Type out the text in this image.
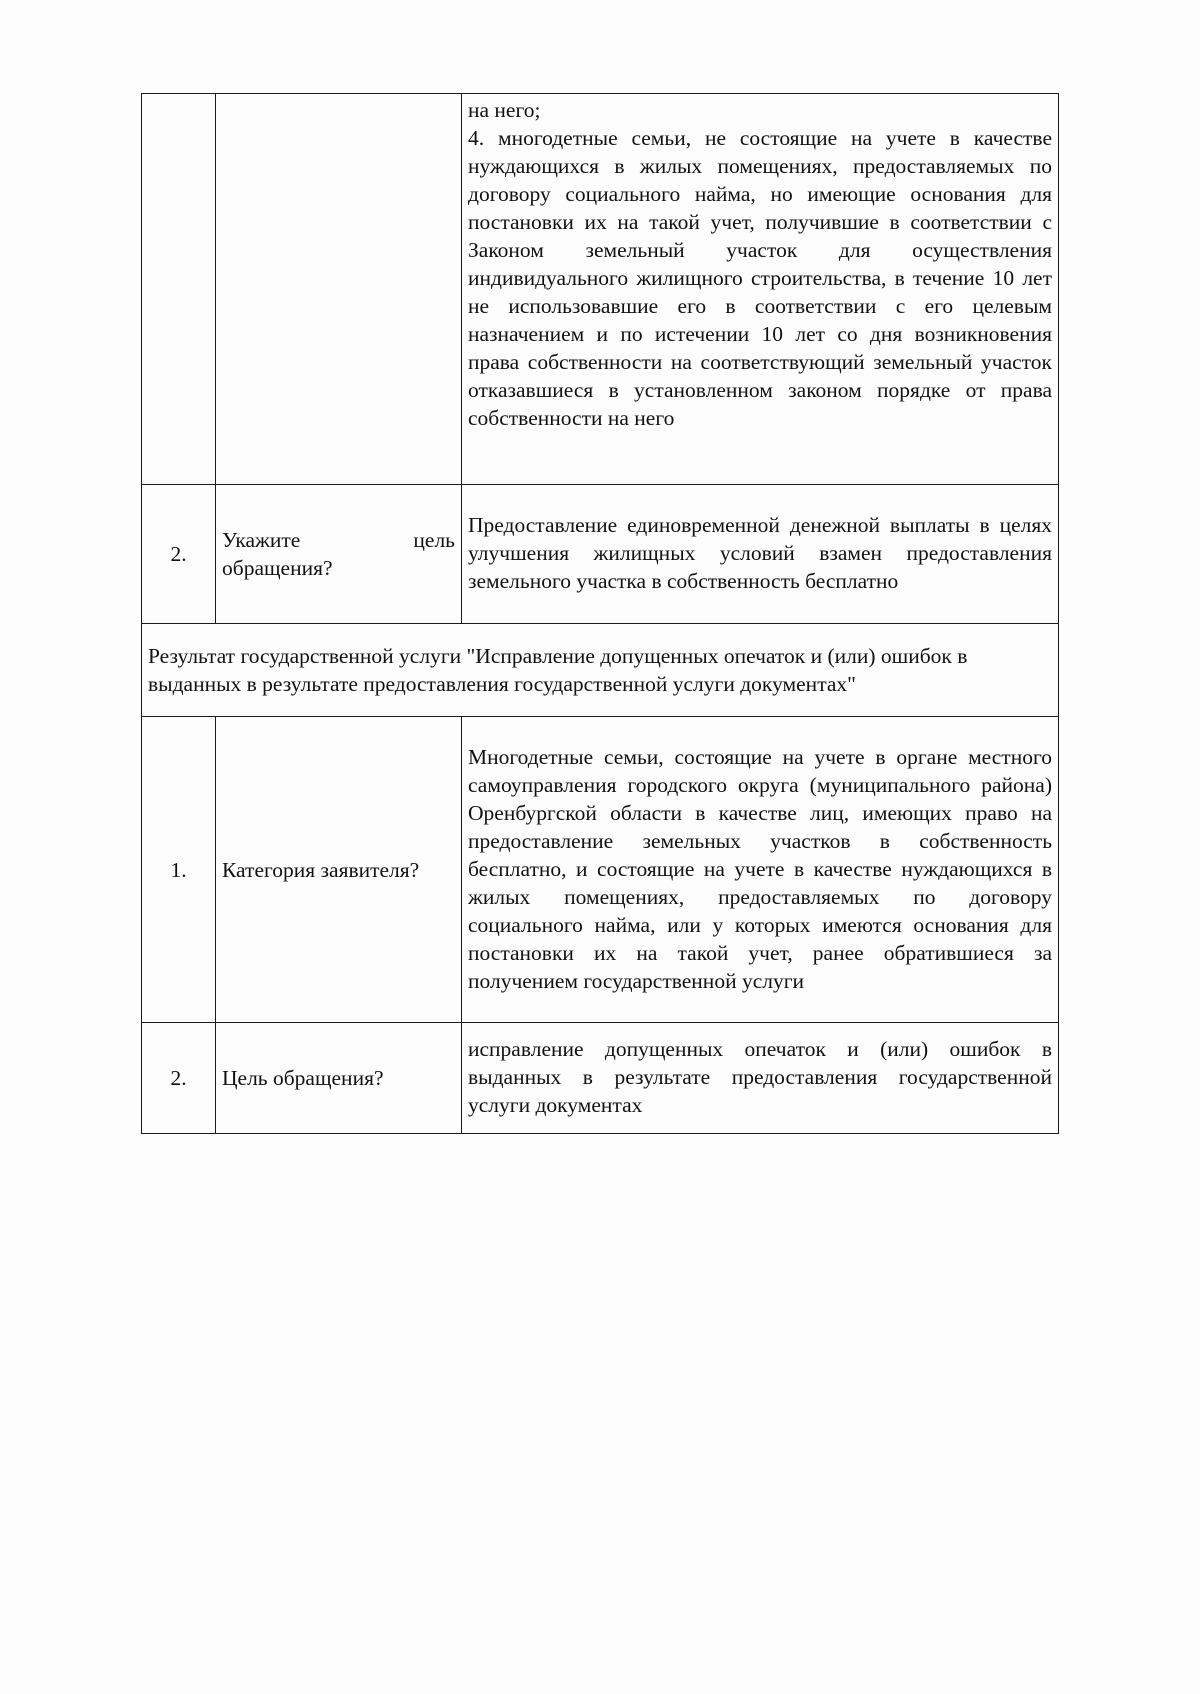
		на него;

4. многодетные семьи, не состоящие на учете в качестве нуждающихся в жилых помещениях, предоставляемых по договору социального найма, но имеющие основания для постановки их на такой учет, получившие в соответствии с Законом земельный участок для осуществления индивидуального жилищного строительства, в течение 10 лет не использовавшие его в соответствии с его целевым назначением и по истечении 10 лет со дня возникновения права собственности на соответствующий земельный участок отказавшиеся в установленном законом порядке от права собственности на него

2.	Укажите цель обращения?	Предоставление единовременной денежной выплаты в целях улучшения жилищных условий взамен предоставления земельного участка в собственность бесплатно
Результат государственной услуги "Исправление допущенных опечаток и (или) ошибок в выданных в результате предоставления государственной услуги документах"		
1.	Категория заявителя?	Многодетные семьи, состоящие на учете в органе местного самоуправления городского округа (муниципального района) Оренбургской области в качестве лиц, имеющих право на предоставление земельных участков в собственность бесплатно, и состоящие на учете в качестве нуждающихся в жилых помещениях, предоставляемых по договору социального найма, или у которых имеются основания для постановки их на такой учет, ранее обратившиеся за получением государственной услуги
2.	Цель обращения?	исправление допущенных опечаток и (или) ошибок в выданных в результате предоставления государственной услуги документах
